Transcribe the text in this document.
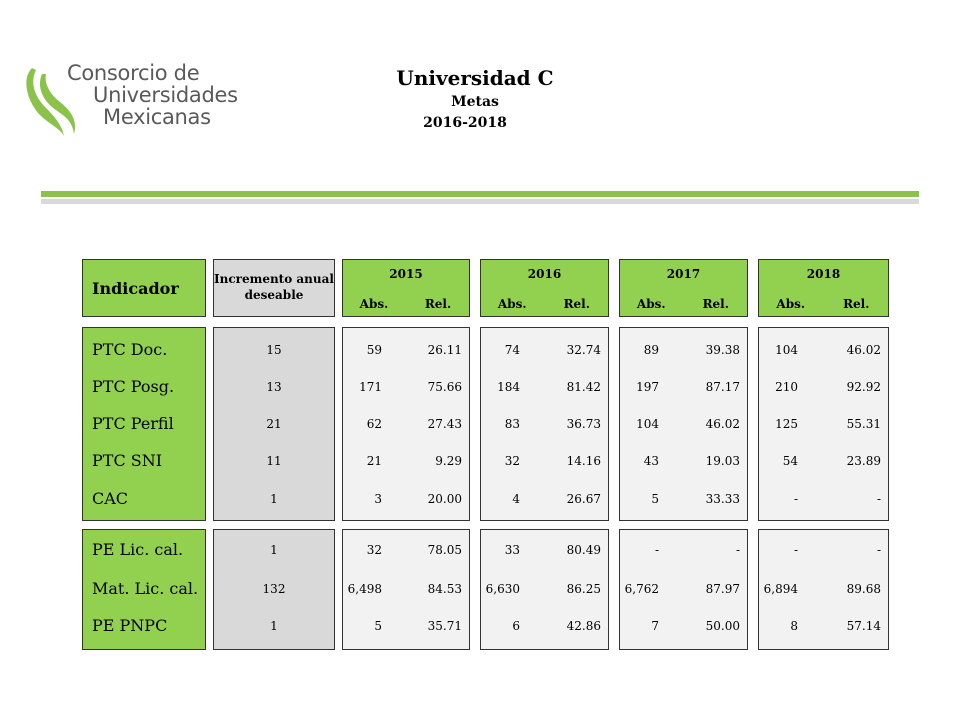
Consorcio de
Universidades
Mexicanas
Universidad C
Metas
2016-2018
Indicador	Incremento anual deseable
2015
Abs.	Rel.
2016
Abs.	Rel.
2017
Abs.	Rel.
2018
Abs.	Rel.
PTC Doc.	15	59	26.11	74	32.74	89	39.38	104	46.02
PTC Posg.	13	171	75.66	184	81.42	197	87.17	210	92.92
PTC Perfil	21	62	27.43	83	36.73	104	46.02	125	55.31
PTC SNI	11	21	9.29	32	14.16	43	19.03	54	23.89
CAC	1	3	20.00	4	26.67	5	33.33	-	-
PE Lic. cal.	1	32	78.05	33	80.49	-	-	-	-
Mat. Lic. cal.	132	6,498	84.53	6,630	86.25	6,762	87.97	6,894	89.68
PE PNPC	1	5	35.71	6	42.86	7	50.00	8	57.14
